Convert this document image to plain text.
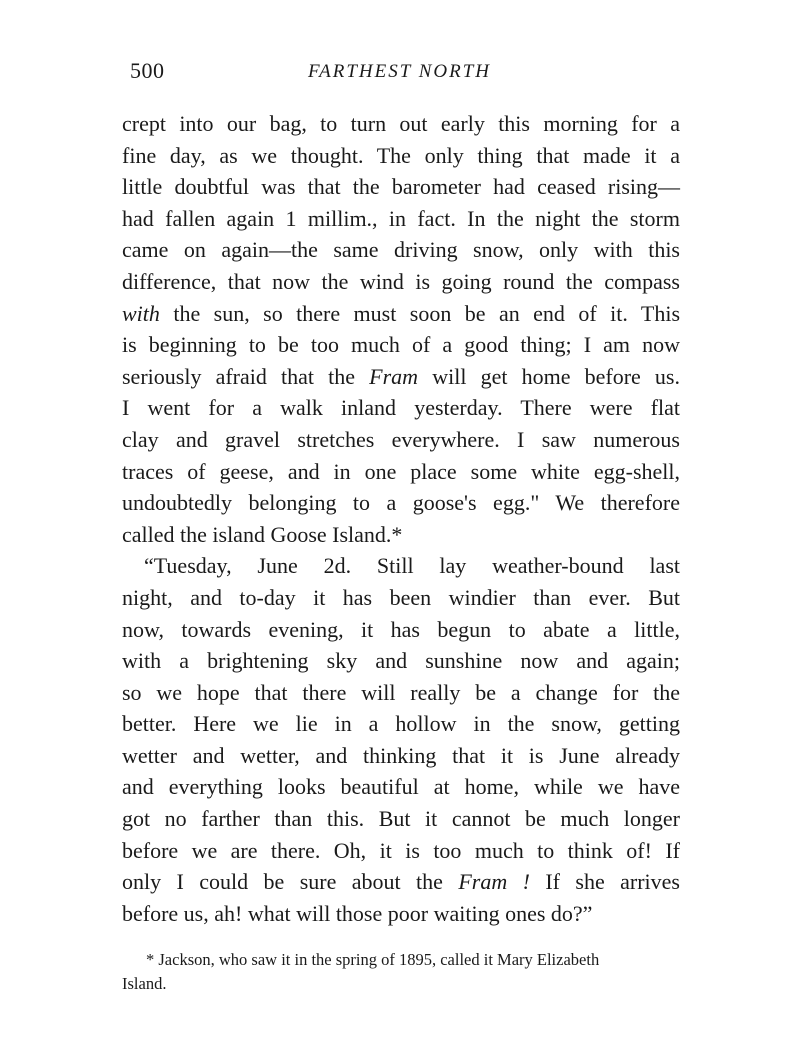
500	FARTHEST NORTH
crept into our bag, to turn out early this morning for a
fine day, as we thought. The only thing that made it a
little doubtful was that the barometer had ceased rising—
had fallen again 1 millim., in fact. In the night the storm
came on again—the same driving snow, only with this
difference, that now the wind is going round the compass
with the sun, so there must soon be an end of it. This
is beginning to be too much of a good thing; I am now
seriously afraid that the Fram will get home before us.
I went for a walk inland yesterday. There were flat
clay and gravel stretches everywhere. I saw numerous
traces of geese, and in one place some white egg-shell,
undoubtedly belonging to a goose's egg." We therefore
called the island Goose Island.*
“Tuesday, June 2d. Still lay weather-bound last
night, and to-day it has been windier than ever. But
now, towards evening, it has begun to abate a little,
with a brightening sky and sunshine now and again;
so we hope that there will really be a change for the
better. Here we lie in a hollow in the snow, getting
wetter and wetter, and thinking that it is June already
and everything looks beautiful at home, while we have
got no farther than this. But it cannot be much longer
before we are there. Oh, it is too much to think of! If
only I could be sure about the Fram ! If she arrives
before us, ah! what will those poor waiting ones do?”
* Jackson, who saw it in the spring of 1895, called it Mary Elizabeth
Island.
